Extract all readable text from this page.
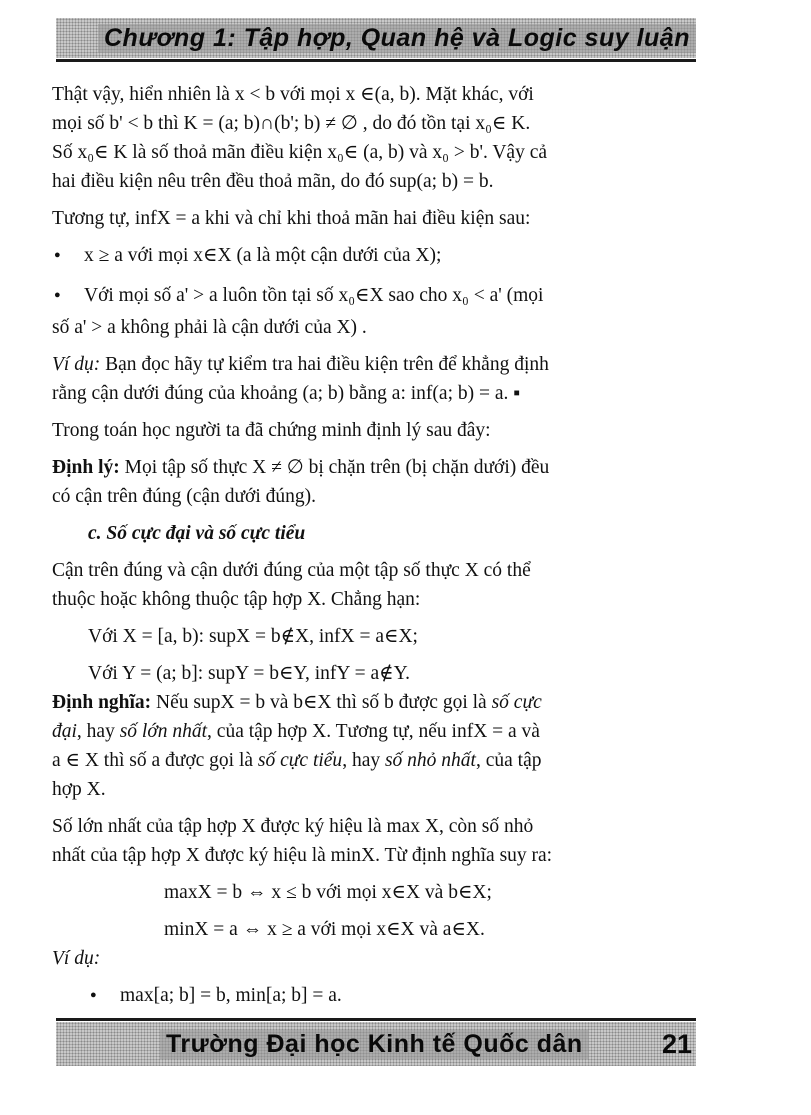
Chương 1: Tập hợp, Quan hệ và Logic suy luận
Thật vậy, hiển nhiên là x < b với mọi x ∈(a, b). Mặt khác, với
mọi số b' < b thì K = (a; b)∩(b'; b) ≠ ∅ , do đó tồn tại x₀∈ K.
Số x₀∈ K là số thoả mãn điều kiện x₀∈ (a, b) và x₀ > b'. Vậy cả
hai điều kiện nêu trên đều thoả mãn, do đó sup(a; b) = b.
Tương tự, infX = a khi và chỉ khi thoả mãn hai điều kiện sau:
● x ≥ a với mọi x∈X (a là một cận dưới của X);
● Với mọi số a' > a luôn tồn tại số x₀∈X sao cho x₀ < a' (mọi
số a' > a không phải là cận dưới của X) .
Ví dụ: Bạn đọc hãy tự kiểm tra hai điều kiện trên để khẳng định
rằng cận dưới đúng của khoảng (a; b) bằng a: inf(a; b) = a. ▪
Trong toán học người ta đã chứng minh định lý sau đây:
Định lý: Mọi tập số thực X ≠ ∅ bị chặn trên (bị chặn dưới) đều
có cận trên đúng (cận dưới đúng).
c. Số cực đại và số cực tiểu
Cận trên đúng và cận dưới đúng của một tập số thực X có thể
thuộc hoặc không thuộc tập hợp X. Chẳng hạn:
Với X = [a, b): supX = b∉X, infX = a∈X;
Với Y = (a; b]: supY = b∈Y, infY = a∉Y.
Định nghĩa: Nếu supX = b và b∈X thì số b được gọi là số cực
đại, hay số lớn nhất, của tập hợp X. Tương tự, nếu infX = a và
a ∈ X thì số a được gọi là số cực tiểu, hay số nhỏ nhất, của tập
hợp X.
Số lớn nhất của tập hợp X được ký hiệu là max X, còn số nhỏ
nhất của tập hợp X được ký hiệu là minX. Từ định nghĩa suy ra:
maxX = b ⇔ x ≤ b với mọi x∈X và b∈X;
minX = a ⇔ x ≥ a với mọi x∈X và a∈X.
Ví dụ:
● max[a; b] = b, min[a; b] = a.
Trường Đại học Kinh tế Quốc dân	21
